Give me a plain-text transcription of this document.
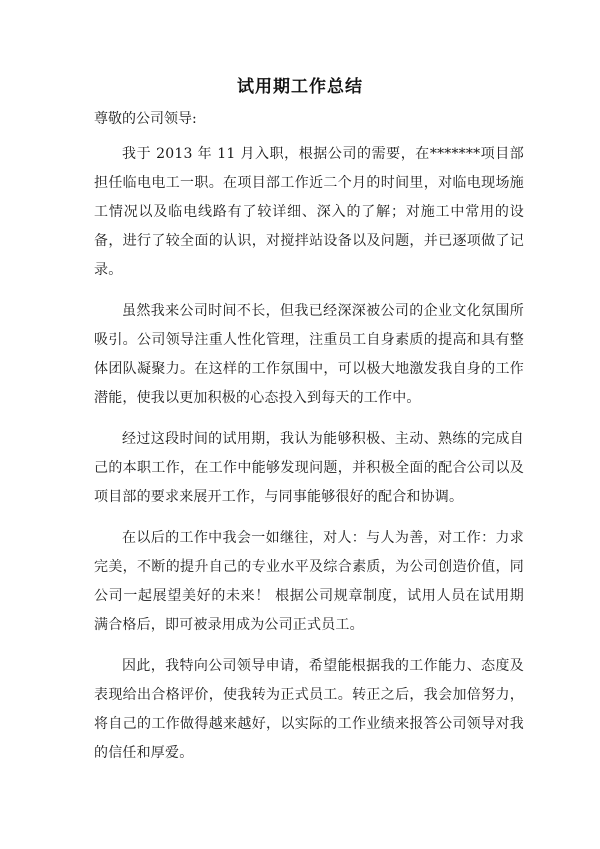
试用期工作总结
尊敬的公司领导:

我于 2013 年 11 月入职，根据公司的需要，在*******项目部担任临电电工一职。在项目部工作近二个月的时间里，对临电现场施工情况以及临电线路有了较详细、深入的了解；对施工中常用的设备，进行了较全面的认识，对搅拌站设备以及问题，并已逐项做了记录。

虽然我来公司时间不长，但我已经深深被公司的企业文化氛围所吸引。公司领导注重人性化管理，注重员工自身素质的提高和具有整体团队凝聚力。在这样的工作氛围中，可以极大地激发我自身的工作潜能，使我以更加积极的心态投入到每天的工作中。

经过这段时间的试用期，我认为能够积极、主动、熟练的完成自己的本职工作，在工作中能够发现问题，并积极全面的配合公司以及项目部的要求来展开工作，与同事能够很好的配合和协调。

在以后的工作中我会一如继往，对人：与人为善，对工作：力求完美，不断的提升自己的专业水平及综合素质，为公司创造价值，同公司一起展望美好的未来！ 根据公司规章制度，试用人员在试用期满合格后，即可被录用成为公司正式员工。

因此，我特向公司领导申请，希望能根据我的工作能力、态度及表现给出合格评价，使我转为正式员工。转正之后，我会加倍努力，将自己的工作做得越来越好，以实际的工作业绩来报答公司领导对我的信任和厚爱。
